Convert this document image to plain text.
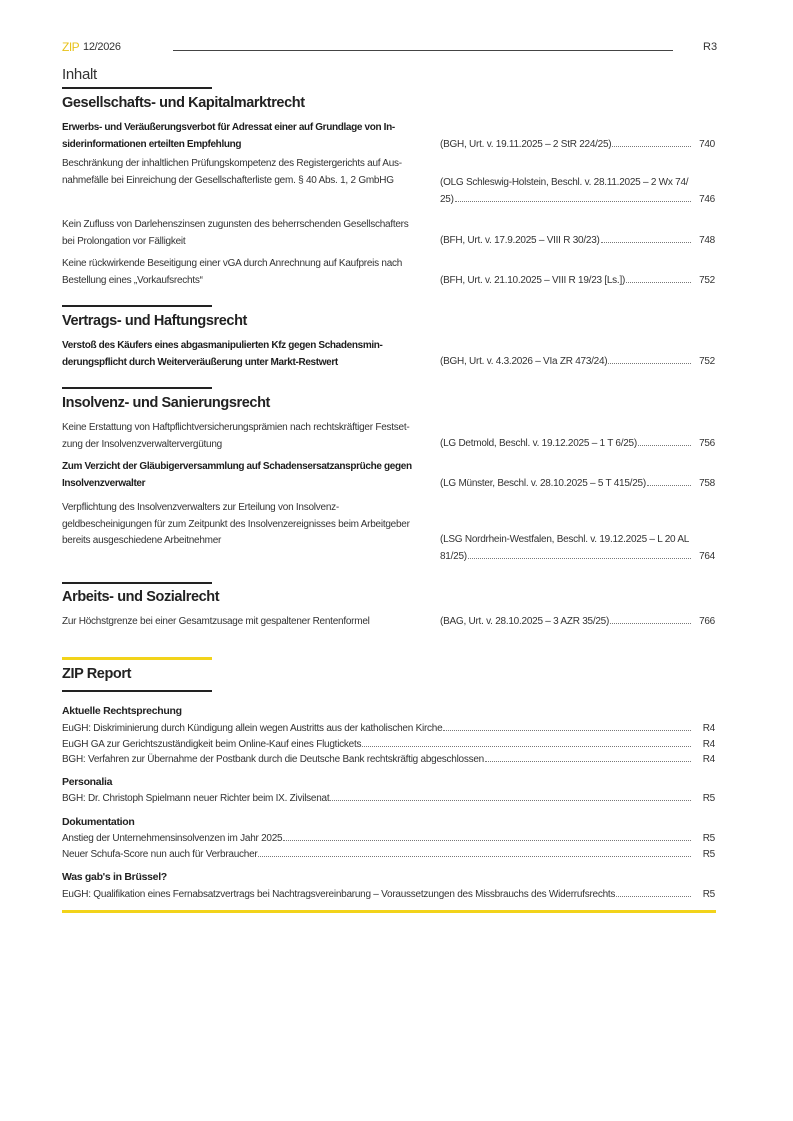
ZIP 12/2026	R3
Inhalt
Gesellschafts- und Kapitalmarktrecht
Erwerbs- und Veräußerungsverbot für Adressat einer auf Grundlage von In-
siderinformationen erteilten Empfehlung	(BGH, Urt. v. 19.11.2025 – 2 StR 224/25)	740
Beschränkung der inhaltlichen Prüfungskompetenz des Registergerichts auf Aus-
nahmefälle bei Einreichung der Gesellschafterliste gem. § 40 Abs. 1, 2 GmbHG	(OLG Schleswig-Holstein, Beschl. v. 28.11.2025 – 2 Wx 74/
25)	746
Kein Zufluss von Darlehenszinsen zugunsten des beherrschenden Gesellschafters
bei Prolongation vor Fälligkeit	(BFH, Urt. v. 17.9.2025 – VIII R 30/23)	748
Keine rückwirkende Beseitigung einer vGA durch Anrechnung auf Kaufpreis nach
Bestellung eines „Vorkaufsrechts“	(BFH, Urt. v. 21.10.2025 – VIII R 19/23 [Ls.])	752
Vertrags- und Haftungsrecht
Verstoß des Käufers eines abgasmanipulierten Kfz gegen Schadensmin-
derungspflicht durch Weiterveräußerung unter Markt-Restwert	(BGH, Urt. v. 4.3.2026 – VIa ZR 473/24)	752
Insolvenz- und Sanierungsrecht
Keine Erstattung von Haftpflichtversicherungsprämien nach rechtskräftiger Festset-
zung der Insolvenzverwaltervergütung	(LG Detmold, Beschl. v. 19.12.2025 – 1 T 6/25)	756
Zum Verzicht der Gläubigerversammlung auf Schadensersatzansprüche gegen
Insolvenzverwalter	(LG Münster, Beschl. v. 28.10.2025 – 5 T 415/25)	758
Verpflichtung des Insolvenzverwalters zur Erteilung von Insolvenz-
geldbescheinigungen für zum Zeitpunkt des Insolvenzereignisses beim Arbeitgeber
bereits ausgeschiedene Arbeitnehmer	(LSG Nordrhein-Westfalen, Beschl. v. 19.12.2025 – L 20 AL
81/25)	764
Arbeits- und Sozialrecht
Zur Höchstgrenze bei einer Gesamtzusage mit gespaltener Rentenformel	(BAG, Urt. v. 28.10.2025 – 3 AZR 35/25)	766
ZIP Report
Aktuelle Rechtsprechung
EuGH: Diskriminierung durch Kündigung allein wegen Austritts aus der katholischen Kirche	R4
EuGH GA zur Gerichtszuständigkeit beim Online-Kauf eines Flugtickets	R4
BGH: Verfahren zur Übernahme der Postbank durch die Deutsche Bank rechtskräftig abgeschlossen	R4
Personalia
BGH: Dr. Christoph Spielmann neuer Richter beim IX. Zivilsenat	R5
Dokumentation
Anstieg der Unternehmensinsolvenzen im Jahr 2025	R5
Neuer Schufa-Score nun auch für Verbraucher	R5
Was gab's in Brüssel?
EuGH: Qualifikation eines Fernabsatzvertrags bei Nachtragsvereinbarung – Voraussetzungen des Missbrauchs des Widerrufsrechts	R5
